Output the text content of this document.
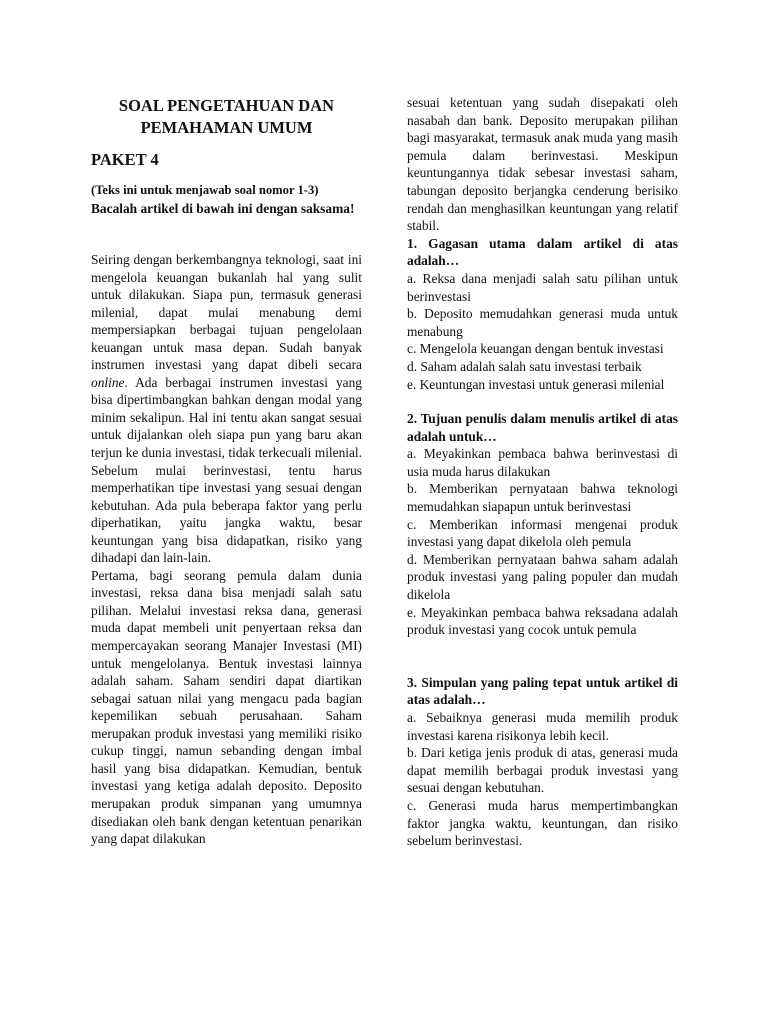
SOAL PENGETAHUAN DAN PEMAHAMAN UMUM
PAKET 4
(Teks ini untuk menjawab soal nomor 1-3)
Bacalah artikel di bawah ini dengan saksama!

Seiring dengan berkembangnya teknologi, saat ini mengelola keuangan bukanlah hal yang sulit untuk dilakukan. Siapa pun, termasuk generasi milenial, dapat mulai menabung demi mempersiapkan berbagai tujuan pengelolaan keuangan untuk masa depan. Sudah banyak instrumen investasi yang dapat dibeli secara online. Ada berbagai instrumen investasi yang bisa dipertimbangkan bahkan dengan modal yang minim sekalipun. Hal ini tentu akan sangat sesuai untuk dijalankan oleh siapa pun yang baru akan terjun ke dunia investasi, tidak terkecuali milenial. Sebelum mulai berinvestasi, tentu harus memperhatikan tipe investasi yang sesuai dengan kebutuhan. Ada pula beberapa faktor yang perlu diperhatikan, yaitu jangka waktu, besar keuntungan yang bisa didapatkan, risiko yang dihadapi dan lain-lain.

Pertama, bagi seorang pemula dalam dunia investasi, reksa dana bisa menjadi salah satu pilihan. Melalui investasi reksa dana, generasi muda dapat membeli unit penyertaan reksa dan mempercayakan seorang Manajer Investasi (MI) untuk mengelolanya. Bentuk investasi lainnya adalah saham. Saham sendiri dapat diartikan sebagai satuan nilai yang mengacu pada bagian kepemilikan sebuah perusahaan. Saham merupakan produk investasi yang memiliki risiko cukup tinggi, namun sebanding dengan imbal hasil yang bisa didapatkan. Kemudian, bentuk investasi yang ketiga adalah deposito. Deposito merupakan produk simpanan yang umumnya disediakan oleh bank dengan ketentuan penarikan yang dapat dilakukan

sesuai ketentuan yang sudah disepakati oleh nasabah dan bank. Deposito merupakan pilihan bagi masyarakat, termasuk anak muda yang masih pemula dalam berinvestasi. Meskipun keuntungannya tidak sebesar investasi saham, tabungan deposito berjangka cenderung berisiko rendah dan menghasilkan keuntungan yang relatif stabil.

1. Gagasan utama dalam artikel di atas adalah…

a. Reksa dana menjadi salah satu pilihan untuk berinvestasi

b. Deposito memudahkan generasi muda untuk menabung

c. Mengelola keuangan dengan bentuk investasi

d. Saham adalah salah satu investasi terbaik

e. Keuntungan investasi untuk generasi milenial

2. Tujuan penulis dalam menulis artikel di atas adalah untuk…

a. Meyakinkan pembaca bahwa berinvestasi di usia muda harus dilakukan

b. Memberikan pernyataan bahwa teknologi memudahkan siapapun untuk berinvestasi

c. Memberikan informasi mengenai produk investasi yang dapat dikelola oleh pemula

d. Memberikan pernyataan bahwa saham adalah produk investasi yang paling populer dan mudah dikelola

e. Meyakinkan pembaca bahwa reksadana adalah produk investasi yang cocok untuk pemula

3. Simpulan yang paling tepat untuk artikel di atas adalah…

a. Sebaiknya generasi muda memilih produk investasi karena risikonya lebih kecil.

b. Dari ketiga jenis produk di atas, generasi muda dapat memilih berbagai produk investasi yang sesuai dengan kebutuhan.

c. Generasi muda harus mempertimbangkan faktor jangka waktu, keuntungan, dan risiko sebelum berinvestasi.
